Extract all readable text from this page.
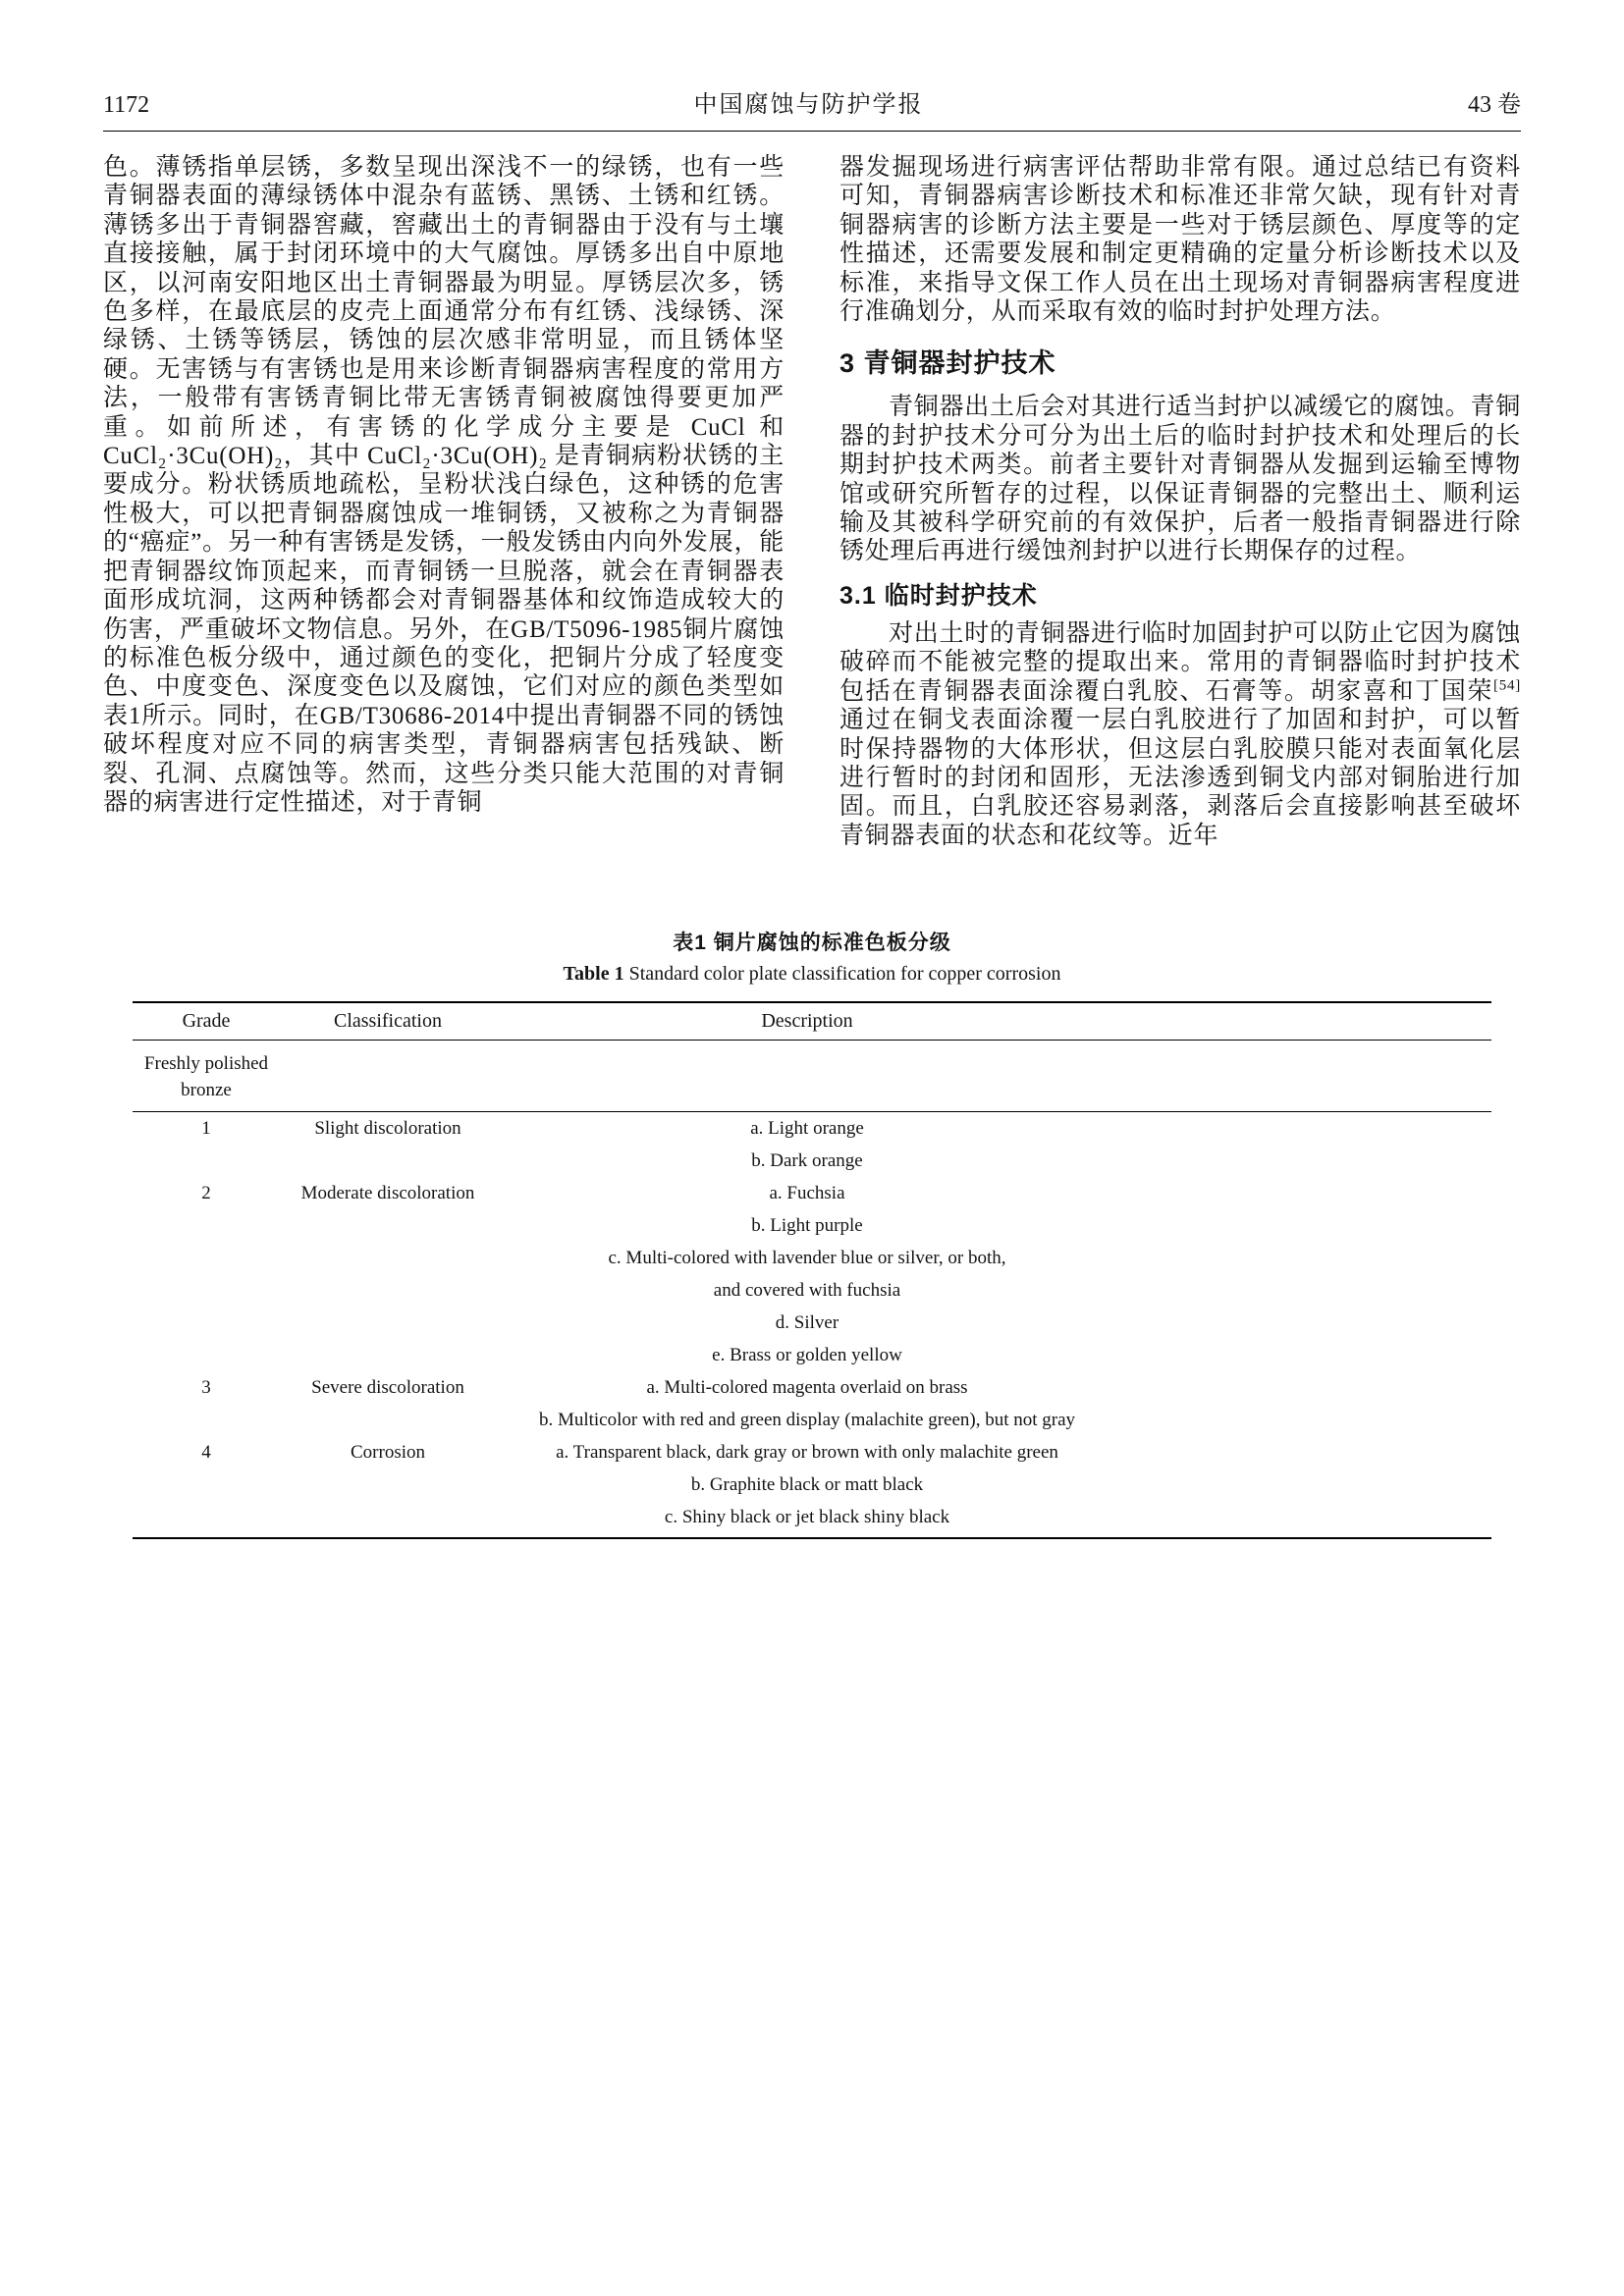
1172	中国腐蚀与防护学报	43 卷

色。薄锈指单层锈，多数呈现出深浅不一的绿锈，也有一些青铜器表面的薄绿锈体中混杂有蓝锈、黑锈、土锈和红锈。薄锈多出于青铜器窖藏，窖藏出土的青铜器由于没有与土壤直接接触，属于封闭环境中的大气腐蚀。厚锈多出自中原地区，以河南安阳地区出土青铜器最为明显。厚锈层次多，锈色多样，在最底层的皮壳上面通常分布有红锈、浅绿锈、深绿锈、土锈等锈层，锈蚀的层次感非常明显，而且锈体坚硬。无害锈与有害锈也是用来诊断青铜器病害程度的常用方法，一般带有害锈青铜比带无害锈青铜被腐蚀得要更加严重。如前所述，有害锈的化学成分主要是 CuCl 和 CuCl₂·3Cu(OH)₂，其中 CuCl₂·3Cu(OH)₂ 是青铜病粉状锈的主要成分。粉状锈质地疏松，呈粉状浅白绿色，这种锈的危害性极大，可以把青铜器腐蚀成一堆铜锈，又被称之为青铜器的“癌症”。另一种有害锈是发锈，一般发锈由内向外发展，能把青铜器纹饰顶起来，而青铜锈一旦脱落，就会在青铜器表面形成坑洞，这两种锈都会对青铜器基体和纹饰造成较大的伤害，严重破坏文物信息。另外，在GB/T5096-1985铜片腐蚀的标准色板分级中，通过颜色的变化，把铜片分成了轻度变色、中度变色、深度变色以及腐蚀，它们对应的颜色类型如表1所示。同时，在GB/T30686-2014中提出青铜器不同的锈蚀破坏程度对应不同的病害类型，青铜器病害包括残缺、断裂、孔洞、点腐蚀等。然而，这些分类只能大范围的对青铜器的病害进行定性描述，对于青铜

器发掘现场进行病害评估帮助非常有限。通过总结已有资料可知，青铜器病害诊断技术和标准还非常欠缺，现有针对青铜器病害的诊断方法主要是一些对于锈层颜色、厚度等的定性描述，还需要发展和制定更精确的定量分析诊断技术以及标准，来指导文保工作人员在出土现场对青铜器病害程度进行准确划分，从而采取有效的临时封护处理方法。

3 青铜器封护技术

青铜器出土后会对其进行适当封护以减缓它的腐蚀。青铜器的封护技术分可分为出土后的临时封护技术和处理后的长期封护技术两类。前者主要针对青铜器从发掘到运输至博物馆或研究所暂存的过程，以保证青铜器的完整出土、顺利运输及其被科学研究前的有效保护，后者一般指青铜器进行除锈处理后再进行缓蚀剂封护以进行长期保存的过程。

3.1 临时封护技术

对出土时的青铜器进行临时加固封护可以防止它因为腐蚀破碎而不能被完整的提取出来。常用的青铜器临时封护技术包括在青铜器表面涂覆白乳胶、石膏等。胡家喜和丁国荣[54]通过在铜戈表面涂覆一层白乳胶进行了加固和封护，可以暂时保持器物的大体形状，但这层白乳胶膜只能对表面氧化层进行暂时的封闭和固形，无法渗透到铜戈内部对铜胎进行加固。而且，白乳胶还容易剥落，剥落后会直接影响甚至破坏青铜器表面的状态和花纹等。近年

表1 铜片腐蚀的标准色板分级
Table 1 Standard color plate classification for copper corrosion
Grade	Classification	Description
Freshly polished bronze
1	Slight discoloration	a. Light orange
b. Dark orange
2	Moderate discoloration	a. Fuchsia
b. Light purple
c. Multi-colored with lavender blue or silver, or both,
and covered with fuchsia
d. Silver
e. Brass or golden yellow
3	Severe discoloration	a. Multi-colored magenta overlaid on brass
b. Multicolor with red and green display (malachite green), but not gray
4	Corrosion	a. Transparent black, dark gray or brown with only malachite green
b. Graphite black or matt black
c. Shiny black or jet black shiny black
